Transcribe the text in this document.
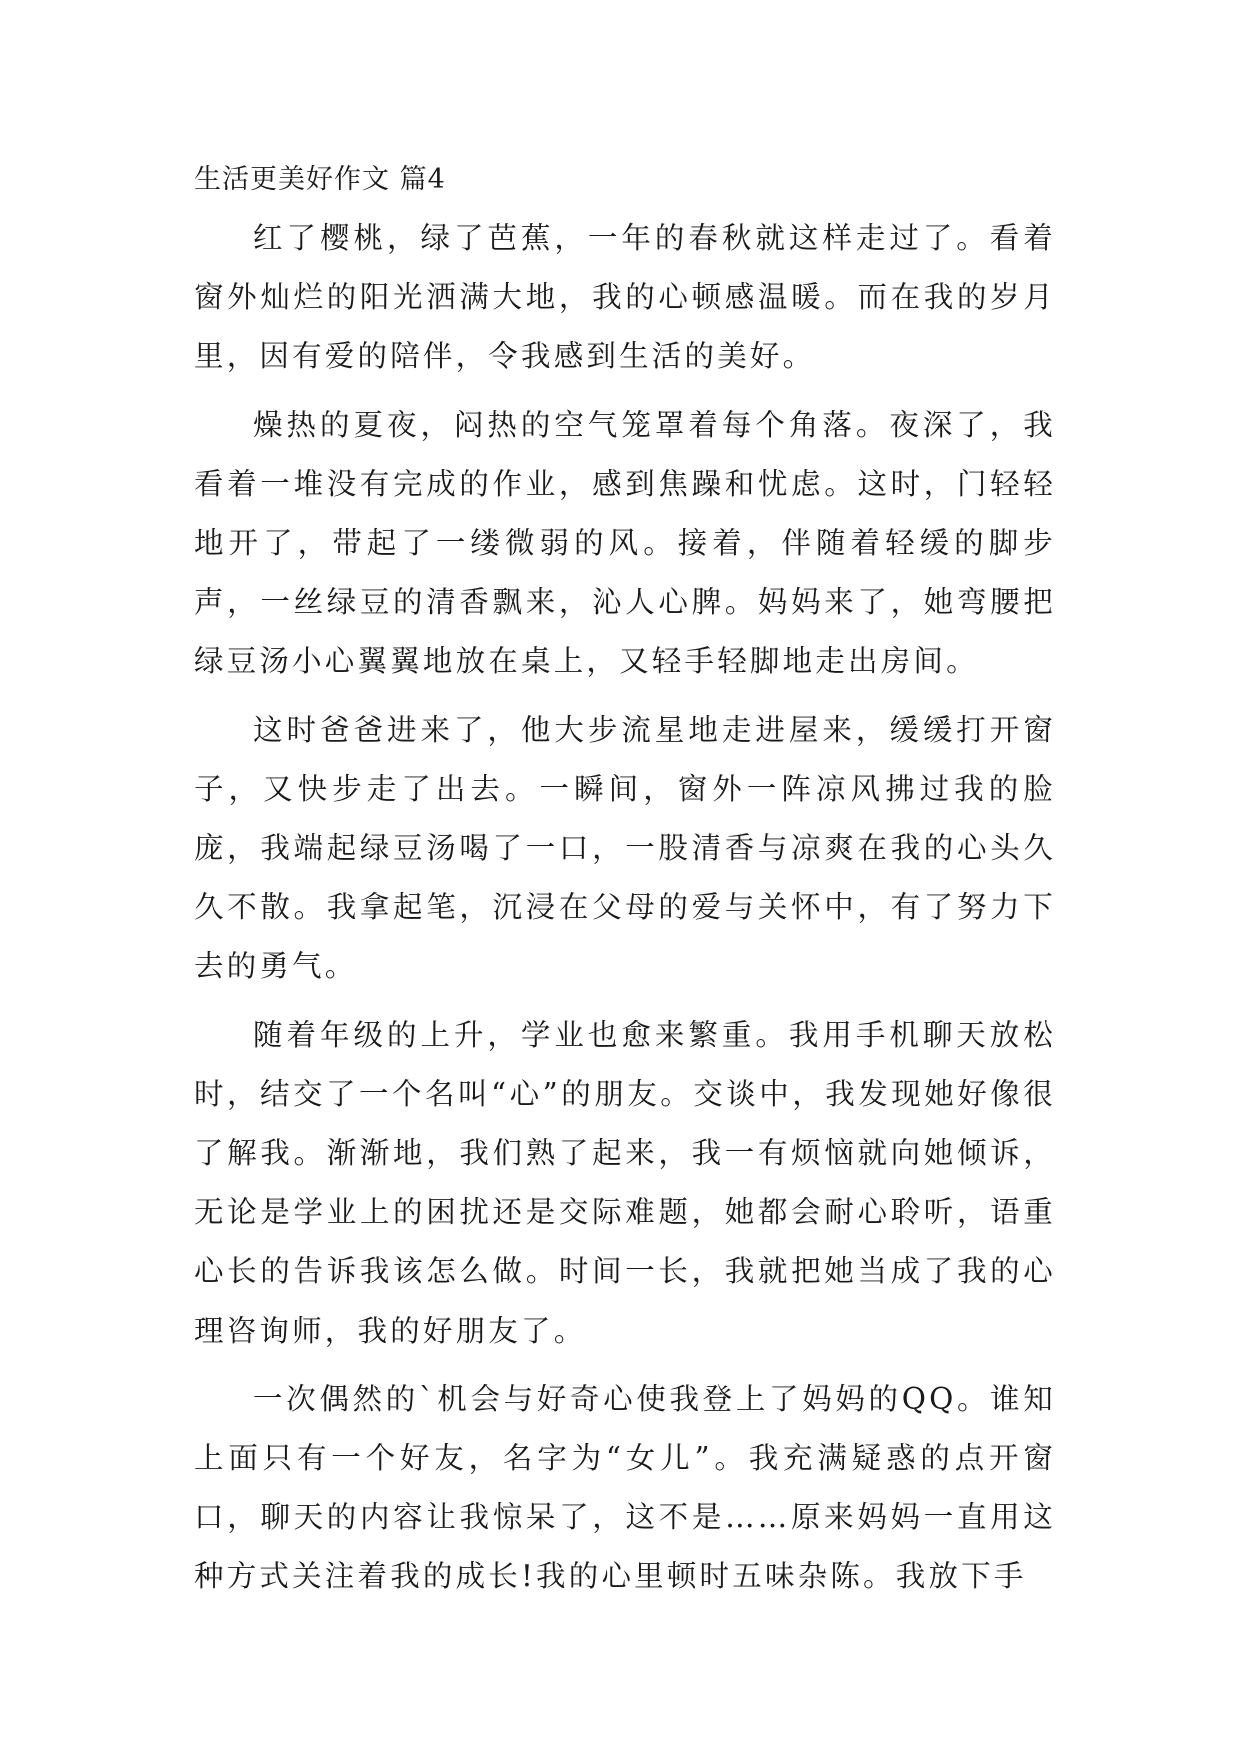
生活更美好作文 篇4

红了樱桃，绿了芭蕉，一年的春秋就这样走过了。看着窗外灿烂的阳光洒满大地，我的心顿感温暖。而在我的岁月里，因有爱的陪伴，令我感到生活的美好。

燥热的夏夜，闷热的空气笼罩着每个角落。夜深了，我看着一堆没有完成的作业，感到焦躁和忧虑。这时，门轻轻地开了，带起了一缕微弱的风。接着，伴随着轻缓的脚步声，一丝绿豆的清香飘来，沁人心脾。妈妈来了，她弯腰把绿豆汤小心翼翼地放在桌上，又轻手轻脚地走出房间。

这时爸爸进来了，他大步流星地走进屋来，缓缓打开窗子，又快步走了出去。一瞬间，窗外一阵凉风拂过我的脸庞，我端起绿豆汤喝了一口，一股清香与凉爽在我的心头久久不散。我拿起笔，沉浸在父母的爱与关怀中，有了努力下去的勇气。

随着年级的上升，学业也愈来繁重。我用手机聊天放松时，结交了一个名叫“心”的朋友。交谈中，我发现她好像很了解我。渐渐地，我们熟了起来，我一有烦恼就向她倾诉，无论是学业上的困扰还是交际难题，她都会耐心聆听，语重心长的告诉我该怎么做。时间一长，我就把她当成了我的心理咨询师，我的好朋友了。

一次偶然的`机会与好奇心使我登上了妈妈的QQ。谁知上面只有一个好友，名字为“女儿”。我充满疑惑的点开窗口，聊天的内容让我惊呆了，这不是……原来妈妈一直用这种方式关注着我的成长!我的心里顿时五味杂陈。我放下手
